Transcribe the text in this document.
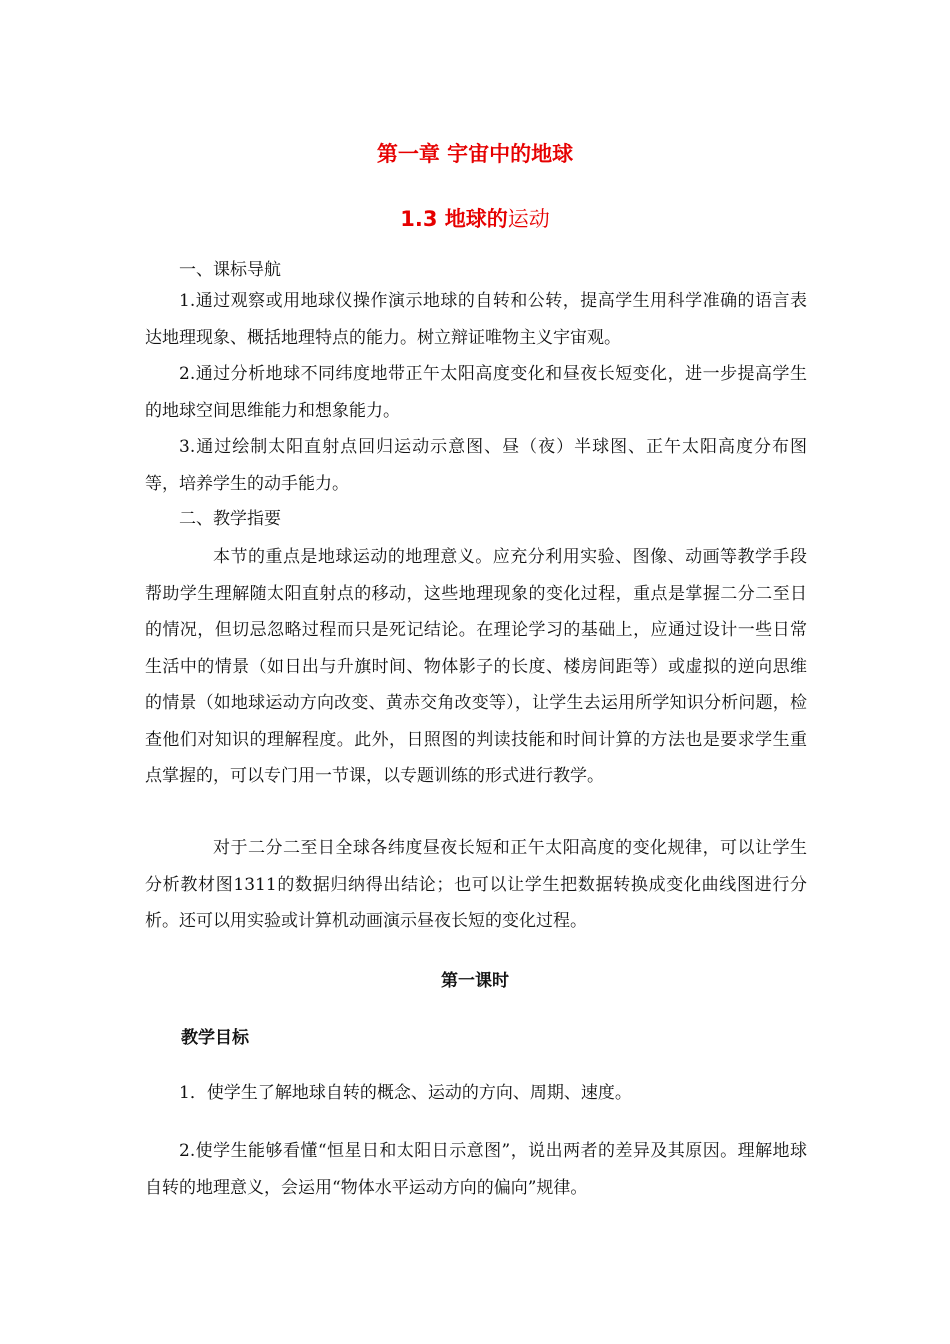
第一章 宇宙中的地球
1.3 地球的运动

一、课标导航

1.通过观察或用地球仪操作演示地球的自转和公转，提高学生用科学准确的语言表达地理现象、概括地理特点的能力。树立辩证唯物主义宇宙观。

2.通过分析地球不同纬度地带正午太阳高度变化和昼夜长短变化，进一步提高学生的地球空间思维能力和想象能力。

3.通过绘制太阳直射点回归运动示意图、昼（夜）半球图、正午太阳高度分布图等，培养学生的动手能力。

二、教学指要

本节的重点是地球运动的地理意义。应充分利用实验、图像、动画等教学手段帮助学生理解随太阳直射点的移动，这些地理现象的变化过程，重点是掌握二分二至日的情况，但切忌忽略过程而只是死记结论。在理论学习的基础上，应通过设计一些日常生活中的情景（如日出与升旗时间、物体影子的长度、楼房间距等）或虚拟的逆向思维的情景（如地球运动方向改变、黄赤交角改变等），让学生去运用所学知识分析问题，检查他们对知识的理解程度。此外，日照图的判读技能和时间计算的方法也是要求学生重点掌握的，可以专门用一节课，以专题训练的形式进行教学。

对于二分二至日全球各纬度昼夜长短和正午太阳高度的变化规律，可以让学生分析教材图1311的数据归纳得出结论；也可以让学生把数据转换成变化曲线图进行分析。还可以用实验或计算机动画演示昼夜长短的变化过程。

第一课时

教学目标

1．使学生了解地球自转的概念、运动的方向、周期、速度。

2.使学生能够看懂“恒星日和太阳日示意图”，说出两者的差异及其原因。理解地球自转的地理意义，会运用“物体水平运动方向的偏向”规律。
